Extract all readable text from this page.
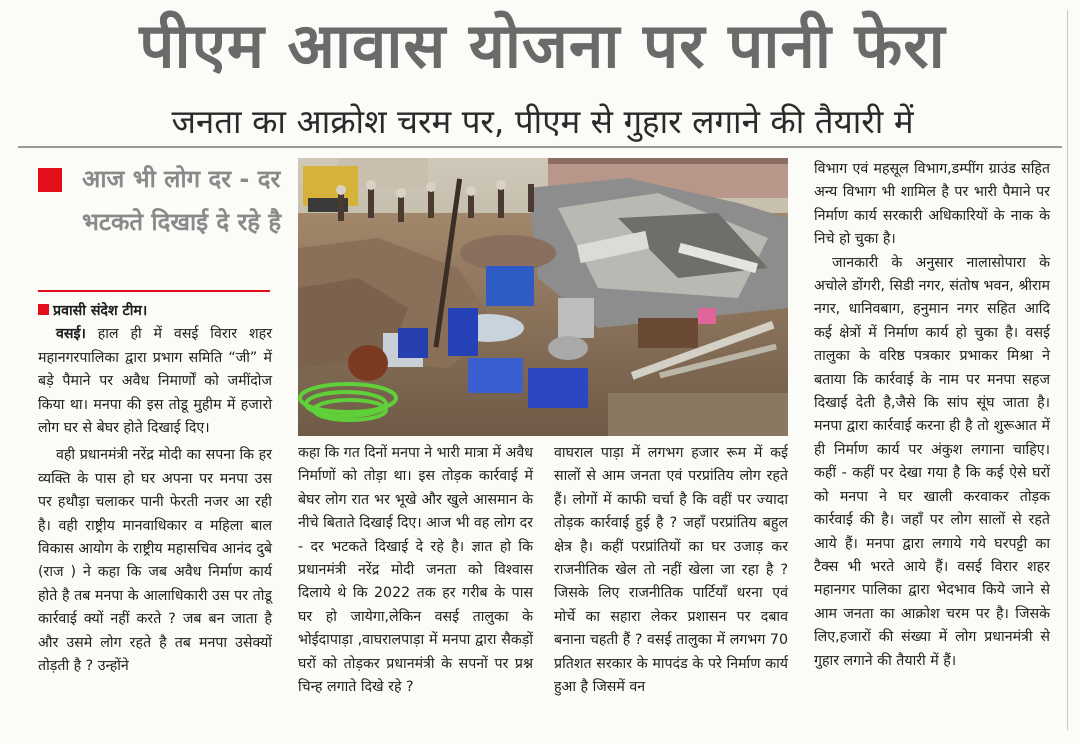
पीएम आवास योजना पर पानी फेरा
जनता का आक्रोश चरम पर, पीएम से गुहार लगाने की तैयारी में
आज भी लोग दर - दर भटकते दिखाई दे रहे है

प्रवासी संदेश टीम।

वसई। हाल ही में वसई विरार शहर महानगरपालिका द्वारा प्रभाग समिति “जी” में बड़े पैमाने पर अवैध निमार्णों को जमींदोज किया था। मनपा की इस तोडू मुहीम में हजारो लोग घर से बेघर होते दिखाई दिए।

वही प्रधानमंत्री नरेंद्र मोदी का सपना कि हर व्यक्ति के पास हो घर अपना पर मनपा उस पर हथौड़ा चलाकर पानी फेरती नजर आ रही है। वही राष्ट्रीय मानवाधिकार व महिला बाल विकास आयोग के राष्ट्रीय महासचिव आनंद दुबे (राज ) ने कहा कि जब अवैध निर्माण कार्य होते है तब मनपा के आलाधिकारी उस पर तोडू कार्रवाई क्यों नहीं करते ? जब बन जाता है और उसमे लोग रहते है तब मनपा उसेक्यों तोड़ती है ? उन्होंने

कहा कि गत दिनों मनपा ने भारी मात्रा में अवैध निर्माणों को तोड़ा था। इस तोड़क कार्रवाई में बेघर लोग रात भर भूखे और खुले आसमान के नीचे बिताते दिखाई दिए। आज भी वह लोग दर - दर भटकते दिखाई दे रहे है। ज्ञात हो कि प्रधानमंत्री नरेंद्र मोदी जनता को विश्वास दिलाये थे कि 2022 तक हर गरीब के पास घर हो जायेगा,लेकिन वसई तालुका के भोईदापाड़ा ,वाघरालपाड़ा में मनपा द्वारा सैकड़ों घरों को तोड़कर प्रधानमंत्री के सपनों पर प्रश्न चिन्ह लगाते दिखे रहे ?

वाघराल पाड़ा में लगभग हजार रूम में कई सालों से आम जनता एवं परप्रांतिय लोग रहते हैं। लोगों में काफी चर्चा है कि वहीं पर ज्यादा तोड़क कार्रवाई हुई है ? जहाँ परप्रांतिय बहुल क्षेत्र है। कहीं परप्रांतियों का घर उजाड़ कर राजनीतिक खेल तो नहीं खेला जा रहा है ? जिसके लिए राजनीतिक पार्टियाँ धरना एवं मोर्चे का सहारा लेकर प्रशासन पर दबाव बनाना चहती हैं ? वसई तालुका में लगभग 70 प्रतिशत सरकार के मापदंड के परे निर्माण कार्य हुआ है जिसमें वन

विभाग एवं महसूल विभाग,डम्पींग ग्राउंड सहित अन्य विभाग भी शामिल है पर भारी पैमाने पर निर्माण कार्य सरकारी अधिकारियों के नाक के निचे हो चुका है।

जानकारी के अनुसार नालासोपारा के अचोले डोंगरी, सिडी नगर, संतोष भवन, श्रीराम नगर, धानिवबाग, हनुमान नगर सहित आदि कई क्षेत्रों में निर्माण कार्य हो चुका है। वसई तालुका के वरिष्ठ पत्रकार प्रभाकर मिश्रा ने बताया कि कार्रवाई के नाम पर मनपा सहज दिखाई देती है,जैसे कि सांप सूंघ जाता है।मनपा द्वारा कार्रवाई करना ही है तो शुरूआत में ही निर्माण कार्य पर अंकुश लगाना चाहिए। कहीं - कहीं पर देखा गया है कि कई ऐसे घरों को मनपा ने घर खाली करवाकर तोड़क कार्रवाई की है। जहाँ पर लोग सालों से रहते आये हैं। मनपा द्वारा लगाये गये घरपट्टी का टैक्स भी भरते आये हैं। वसई विरार शहर महानगर पालिका द्वारा भेदभाव किये जाने से आम जनता का आक्रोश चरम पर है। जिसके लिए,हजारों की संख्या में लोग प्रधानमंत्री से गुहार लगाने की तैयारी में हैं।
